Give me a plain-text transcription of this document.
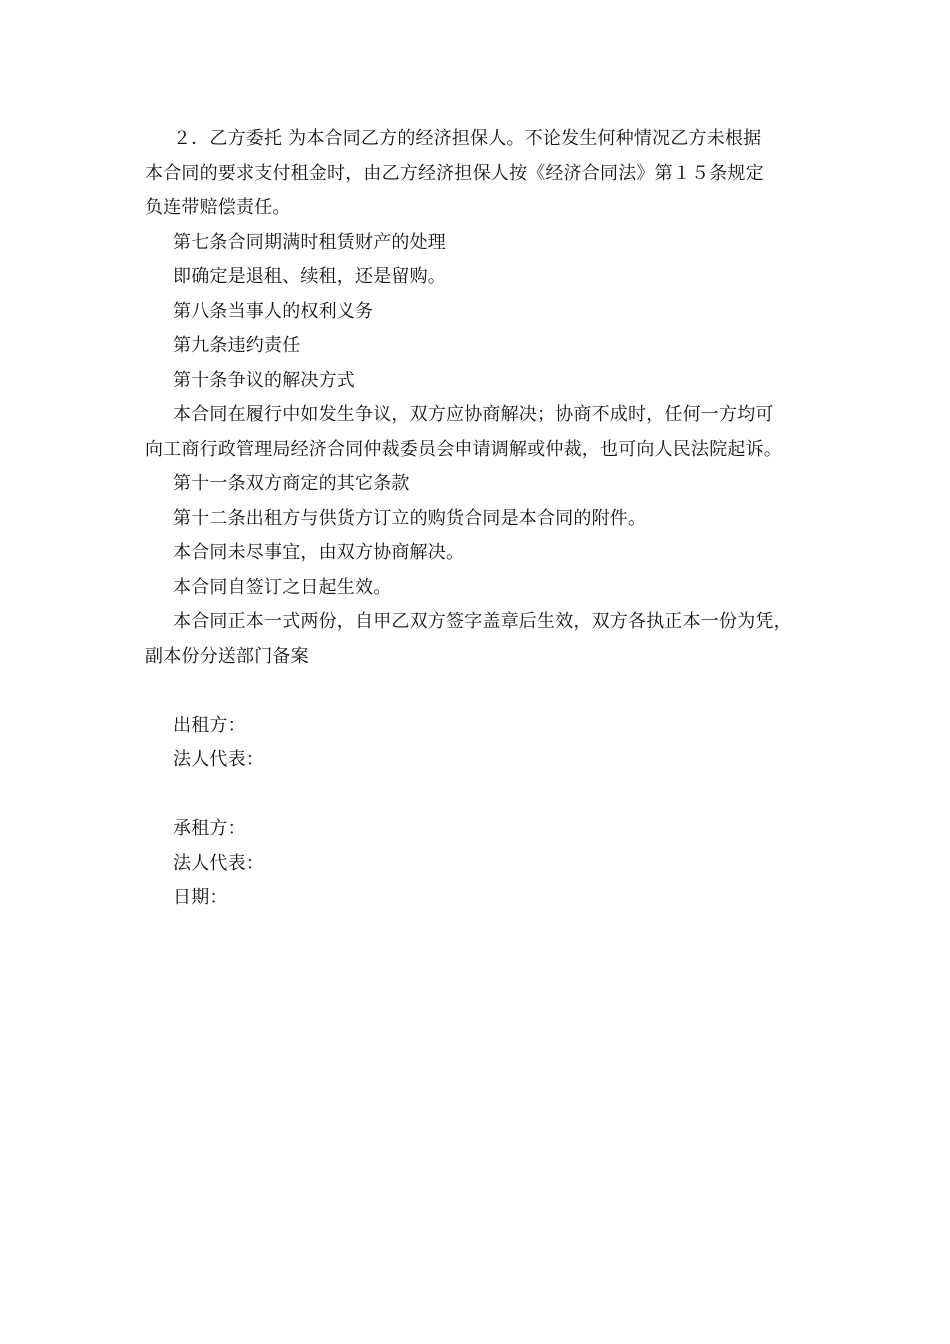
２．乙方委托 为本合同乙方的经济担保人。不论发生何种情况乙方未根据
本合同的要求支付租金时，由乙方经济担保人按《经济合同法》第１５条规定
负连带赔偿责任。
第七条合同期满时租赁财产的处理
即确定是退租、续租，还是留购。
第八条当事人的权利义务
第九条违约责任
第十条争议的解决方式
本合同在履行中如发生争议，双方应协商解决；协商不成时，任何一方均可
向工商行政管理局经济合同仲裁委员会申请调解或仲裁，也可向人民法院起诉。
第十一条双方商定的其它条款
第十二条出租方与供货方订立的购货合同是本合同的附件。
本合同未尽事宜，由双方协商解决。
本合同自签订之日起生效。
本合同正本一式两份，自甲乙双方签字盖章后生效，双方各执正本一份为凭，
副本份分送部门备案
出租方：
法人代表：
承租方：
法人代表：
日期：
